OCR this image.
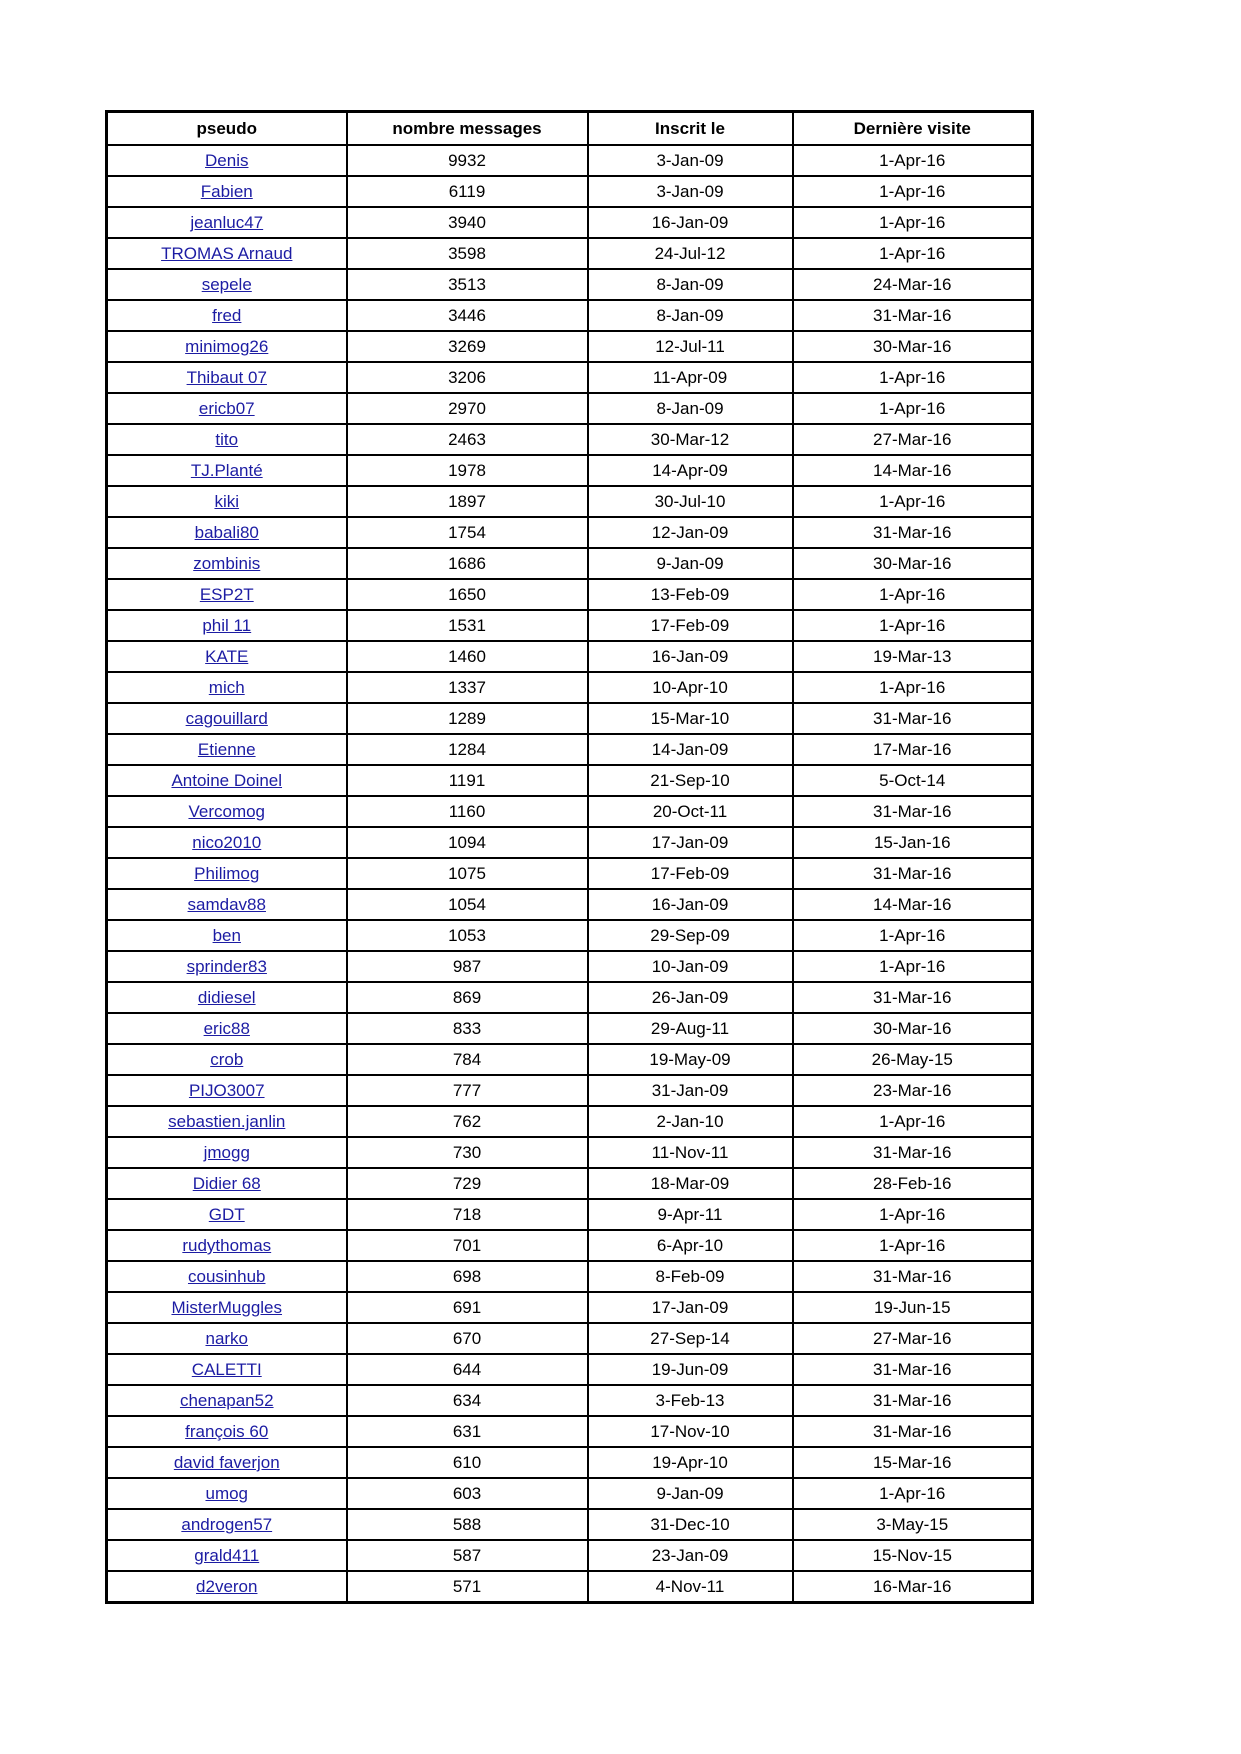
pseudo	nombre messages	Inscrit le	Dernière visite
Denis	9932	3-Jan-09	1-Apr-16
Fabien	6119	3-Jan-09	1-Apr-16
jeanluc47	3940	16-Jan-09	1-Apr-16
TROMAS Arnaud	3598	24-Jul-12	1-Apr-16
sepele	3513	8-Jan-09	24-Mar-16
fred	3446	8-Jan-09	31-Mar-16
minimog26	3269	12-Jul-11	30-Mar-16
Thibaut 07	3206	11-Apr-09	1-Apr-16
ericb07	2970	8-Jan-09	1-Apr-16
tito	2463	30-Mar-12	27-Mar-16
TJ.Planté	1978	14-Apr-09	14-Mar-16
kiki	1897	30-Jul-10	1-Apr-16
babali80	1754	12-Jan-09	31-Mar-16
zombinis	1686	9-Jan-09	30-Mar-16
ESP2T	1650	13-Feb-09	1-Apr-16
phil 11	1531	17-Feb-09	1-Apr-16
KATE	1460	16-Jan-09	19-Mar-13
mich	1337	10-Apr-10	1-Apr-16
cagouillard	1289	15-Mar-10	31-Mar-16
Etienne	1284	14-Jan-09	17-Mar-16
Antoine Doinel	1191	21-Sep-10	5-Oct-14
Vercomog	1160	20-Oct-11	31-Mar-16
nico2010	1094	17-Jan-09	15-Jan-16
Philimog	1075	17-Feb-09	31-Mar-16
samdav88	1054	16-Jan-09	14-Mar-16
ben	1053	29-Sep-09	1-Apr-16
sprinder83	987	10-Jan-09	1-Apr-16
didiesel	869	26-Jan-09	31-Mar-16
eric88	833	29-Aug-11	30-Mar-16
crob	784	19-May-09	26-May-15
PIJO3007	777	31-Jan-09	23-Mar-16
sebastien.janlin	762	2-Jan-10	1-Apr-16
jmogg	730	11-Nov-11	31-Mar-16
Didier 68	729	18-Mar-09	28-Feb-16
GDT	718	9-Apr-11	1-Apr-16
rudythomas	701	6-Apr-10	1-Apr-16
cousinhub	698	8-Feb-09	31-Mar-16
MisterMuggles	691	17-Jan-09	19-Jun-15
narko	670	27-Sep-14	27-Mar-16
CALETTI	644	19-Jun-09	31-Mar-16
chenapan52	634	3-Feb-13	31-Mar-16
françois 60	631	17-Nov-10	31-Mar-16
david faverjon	610	19-Apr-10	15-Mar-16
umog	603	9-Jan-09	1-Apr-16
androgen57	588	31-Dec-10	3-May-15
grald411	587	23-Jan-09	15-Nov-15
d2veron	571	4-Nov-11	16-Mar-16
